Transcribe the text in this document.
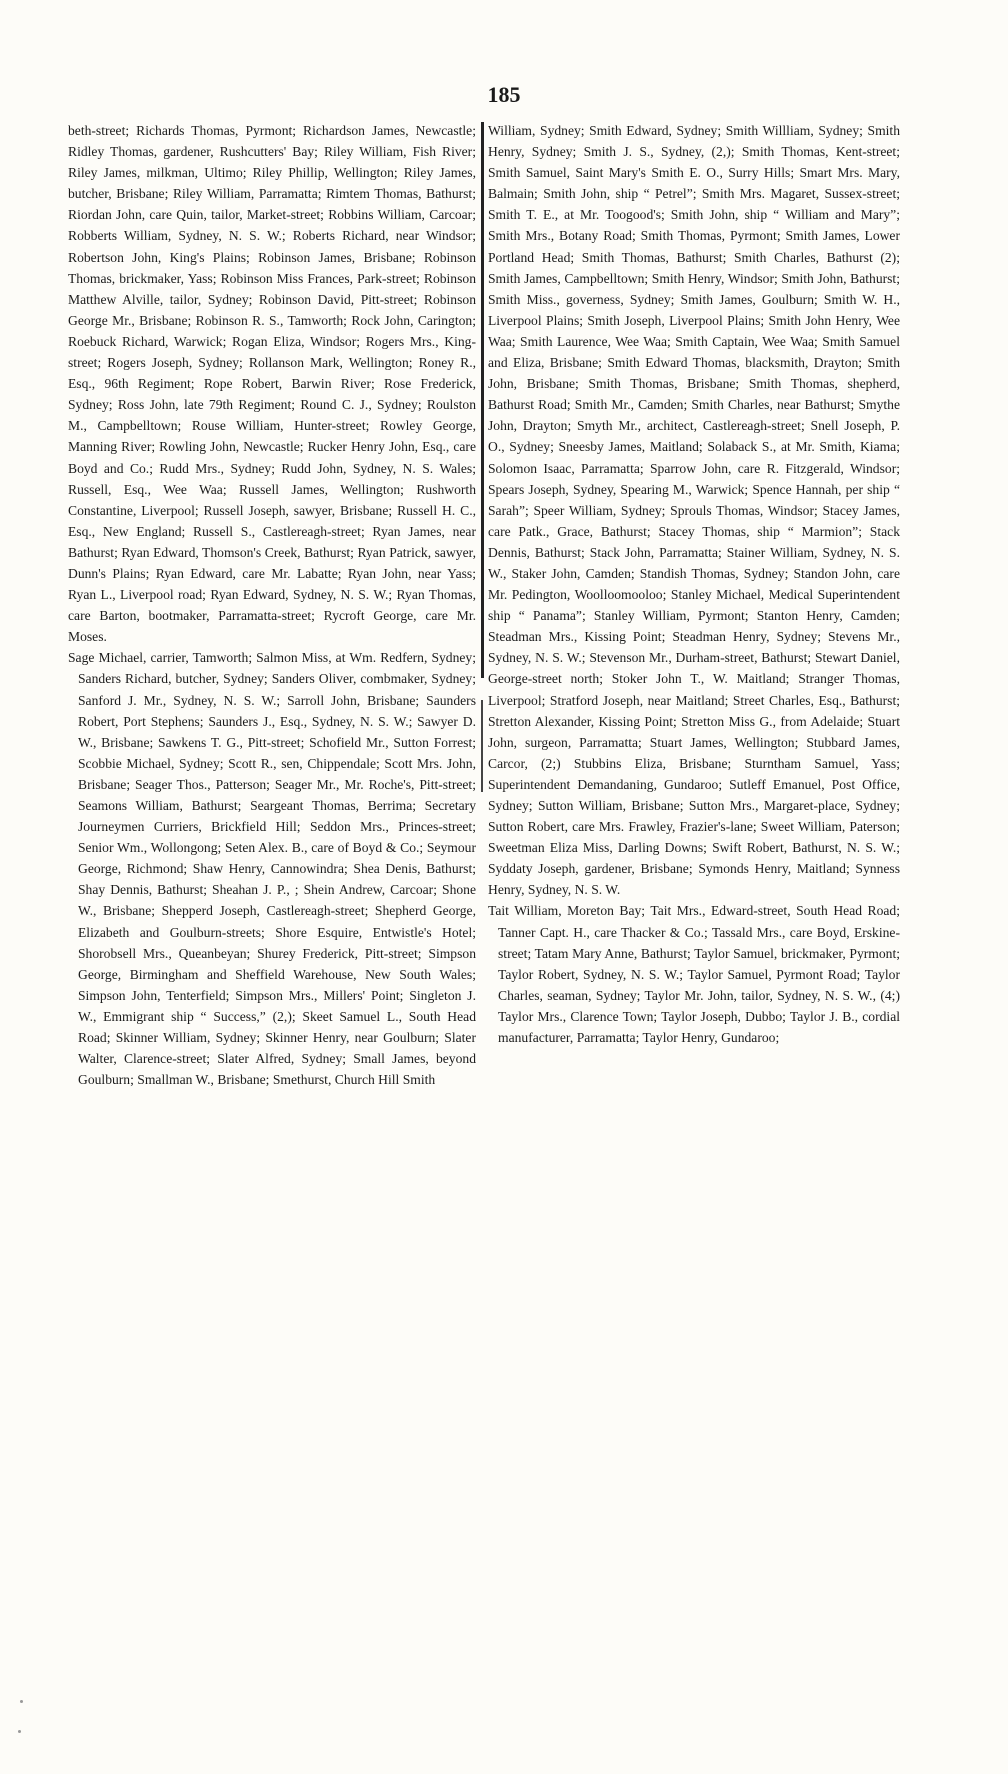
185

beth-street; Richards Thomas, Pyrmont; Richardson James, Newcastle; Ridley Thomas, gardener, Rushcutters' Bay; Riley William, Fish River; Riley James, milkman, Ultimo; Riley Phillip, Wellington; Riley James, butcher, Brisbane; Riley William, Parramatta; Rimtem Thomas, Bathurst; Riordan John, care Quin, tailor, Market-street; Robbins William, Carcoar; Robberts William, Sydney, N. S. W.; Roberts Richard, near Windsor; Robertson John, King's Plains; Robinson James, Brisbane; Robinson Thomas, brickmaker, Yass; Robinson Miss Frances, Park-street; Robinson Matthew Alville, tailor, Sydney; Robinson David, Pitt-street; Robinson George Mr., Brisbane; Robinson R. S., Tamworth; Rock John, Carington; Roebuck Richard, Warwick; Rogan Eliza, Windsor; Rogers Mrs., King-street; Rogers Joseph, Sydney; Rollanson Mark, Wellington; Roney R., Esq., 96th Regiment; Rope Robert, Barwin River; Rose Frederick, Sydney; Ross John, late 79th Regiment; Round C. J., Sydney; Roulston M., Campbelltown; Rouse William, Hunter-street; Rowley George, Manning River; Rowling John, Newcastle; Rucker Henry John, Esq., care Boyd and Co.; Rudd Mrs., Sydney; Rudd John, Sydney, N. S. Wales; Russell, Esq., Wee Waa; Russell James, Wellington; Rushworth Constantine, Liverpool; Russell Joseph, sawyer, Brisbane; Russell H. C., Esq., New England; Russell S., Castlereagh-street; Ryan James, near Bathurst; Ryan Edward, Thomson's Creek, Bathurst; Ryan Patrick, sawyer, Dunn's Plains; Ryan Edward, care Mr. Labatte; Ryan John, near Yass; Ryan L., Liverpool road; Ryan Edward, Sydney, N. S. W.; Ryan Thomas, care Barton, bootmaker, Parramatta-street; Rycroft George, care Mr. Moses.

Sage Michael, carrier, Tamworth; Salmon Miss, at Wm. Redfern, Sydney; Sanders Richard, butcher, Sydney; Sanders Oliver, combmaker, Sydney; Sanford J. Mr., Sydney, N. S. W.; Sarroll John, Brisbane; Saunders Robert, Port Stephens; Saunders J., Esq., Sydney, N. S. W.; Sawyer D. W., Brisbane; Sawkens T. G., Pitt-street; Schofield Mr., Sutton Forrest; Scobbie Michael, Sydney; Scott R., sen, Chippendale; Scott Mrs. John, Brisbane; Seager Thos., Patterson; Seager Mr., Mr. Roche's, Pitt-street; Seamons William, Bathurst; Seargeant Thomas, Berrima; Secretary Journeymen Curriers, Brickfield Hill; Seddon Mrs., Princes-street; Senior Wm., Wollongong; Seten Alex. B., care of Boyd & Co.; Seymour George, Richmond; Shaw Henry, Cannowindra; Shea Denis, Bathurst; Shay Dennis, Bathurst; Sheahan J. P., ; Shein Andrew, Carcoar; Shone W., Brisbane; Shepperd Joseph, Castlereagh-street; Shepherd George, Elizabeth and Goulburn-streets; Shore Esquire, Entwistle's Hotel; Shorobsell Mrs., Queanbeyan; Shurey Frederick, Pitt-street; Simpson George, Birmingham and Sheffield Warehouse, New South Wales; Simpson John, Tenterfield; Simpson Mrs., Millers' Point; Singleton J. W., Emmigrant ship “ Success,” (2,); Skeet Samuel L., South Head Road; Skinner William, Sydney; Skinner Henry, near Goulburn; Slater Walter, Clarence-street; Slater Alfred, Sydney; Small James, beyond Goulburn; Smallman W., Brisbane; Smethurst, Church Hill Smith

William, Sydney; Smith Edward, Sydney; Smith Willliam, Sydney; Smith Henry, Sydney; Smith J. S., Sydney, (2,); Smith Thomas, Kent-street; Smith Samuel, Saint Mary's Smith E. O., Surry Hills; Smart Mrs. Mary, Balmain; Smith John, ship “ Petrel”; Smith Mrs. Magaret, Sussex-street; Smith T. E., at Mr. Toogood's; Smith John, ship “ William and Mary”; Smith Mrs., Botany Road; Smith Thomas, Pyrmont; Smith James, Lower Portland Head; Smith Thomas, Bathurst; Smith Charles, Bathurst (2); Smith James, Campbelltown; Smith Henry, Windsor; Smith John, Bathurst; Smith Miss., governess, Sydney; Smith James, Goulburn; Smith W. H., Liverpool Plains; Smith Joseph, Liverpool Plains; Smith John Henry, Wee Waa; Smith Laurence, Wee Waa; Smith Captain, Wee Waa; Smith Samuel and Eliza, Brisbane; Smith Edward Thomas, blacksmith, Drayton; Smith John, Brisbane; Smith Thomas, Brisbane; Smith Thomas, shepherd, Bathurst Road; Smith Mr., Camden; Smith Charles, near Bathurst; Smythe John, Drayton; Smyth Mr., architect, Castlereagh-street; Snell Joseph, P. O., Sydney; Sneesby James, Maitland; Solaback S., at Mr. Smith, Kiama; Solomon Isaac, Parramatta; Sparrow John, care R. Fitzgerald, Windsor; Spears Joseph, Sydney, Spearing M., Warwick; Spence Hannah, per ship “ Sarah”; Speer William, Sydney; Sprouls Thomas, Windsor; Stacey James, care Patk., Grace, Bathurst; Stacey Thomas, ship “ Marmion”; Stack Dennis, Bathurst; Stack John, Parramatta; Stainer William, Sydney, N. S. W., Staker John, Camden; Standish Thomas, Sydney; Standon John, care Mr. Pedington, Woolloomooloo; Stanley Michael, Medical Superintendent ship “ Panama”; Stanley William, Pyrmont; Stanton Henry, Camden; Steadman Mrs., Kissing Point; Steadman Henry, Sydney; Stevens Mr., Sydney, N. S. W.; Stevenson Mr., Durham-street, Bathurst; Stewart Daniel, George-street north; Stoker John T., W. Maitland; Stranger Thomas, Liverpool; Stratford Joseph, near Maitland; Street Charles, Esq., Bathurst; Stretton Alexander, Kissing Point; Stretton Miss G., from Adelaide; Stuart John, surgeon, Parramatta; Stuart James, Wellington; Stubbard James, Carcor, (2;) Stubbins Eliza, Brisbane; Sturntham Samuel, Yass; Superintendent Demandaning, Gundaroo; Sutleff Emanuel, Post Office, Sydney; Sutton William, Brisbane; Sutton Mrs., Margaret-place, Sydney; Sutton Robert, care Mrs. Frawley, Frazier's-lane; Sweet William, Paterson; Sweetman Eliza Miss, Darling Downs; Swift Robert, Bathurst, N. S. W.; Syddaty Joseph, gardener, Brisbane; Symonds Henry, Maitland; Synness Henry, Sydney, N. S. W.

Tait William, Moreton Bay; Tait Mrs., Edward-street, South Head Road; Tanner Capt. H., care Thacker & Co.; Tassald Mrs., care Boyd, Erskine-street; Tatam Mary Anne, Bathurst; Taylor Samuel, brickmaker, Pyrmont; Taylor Robert, Sydney, N. S. W.; Taylor Samuel, Pyrmont Road; Taylor Charles, seaman, Sydney; Taylor Mr. John, tailor, Sydney, N. S. W., (4;) Taylor Mrs., Clarence Town; Taylor Joseph, Dubbo; Taylor J. B., cordial manufacturer, Parramatta; Taylor Henry, Gundaroo;
